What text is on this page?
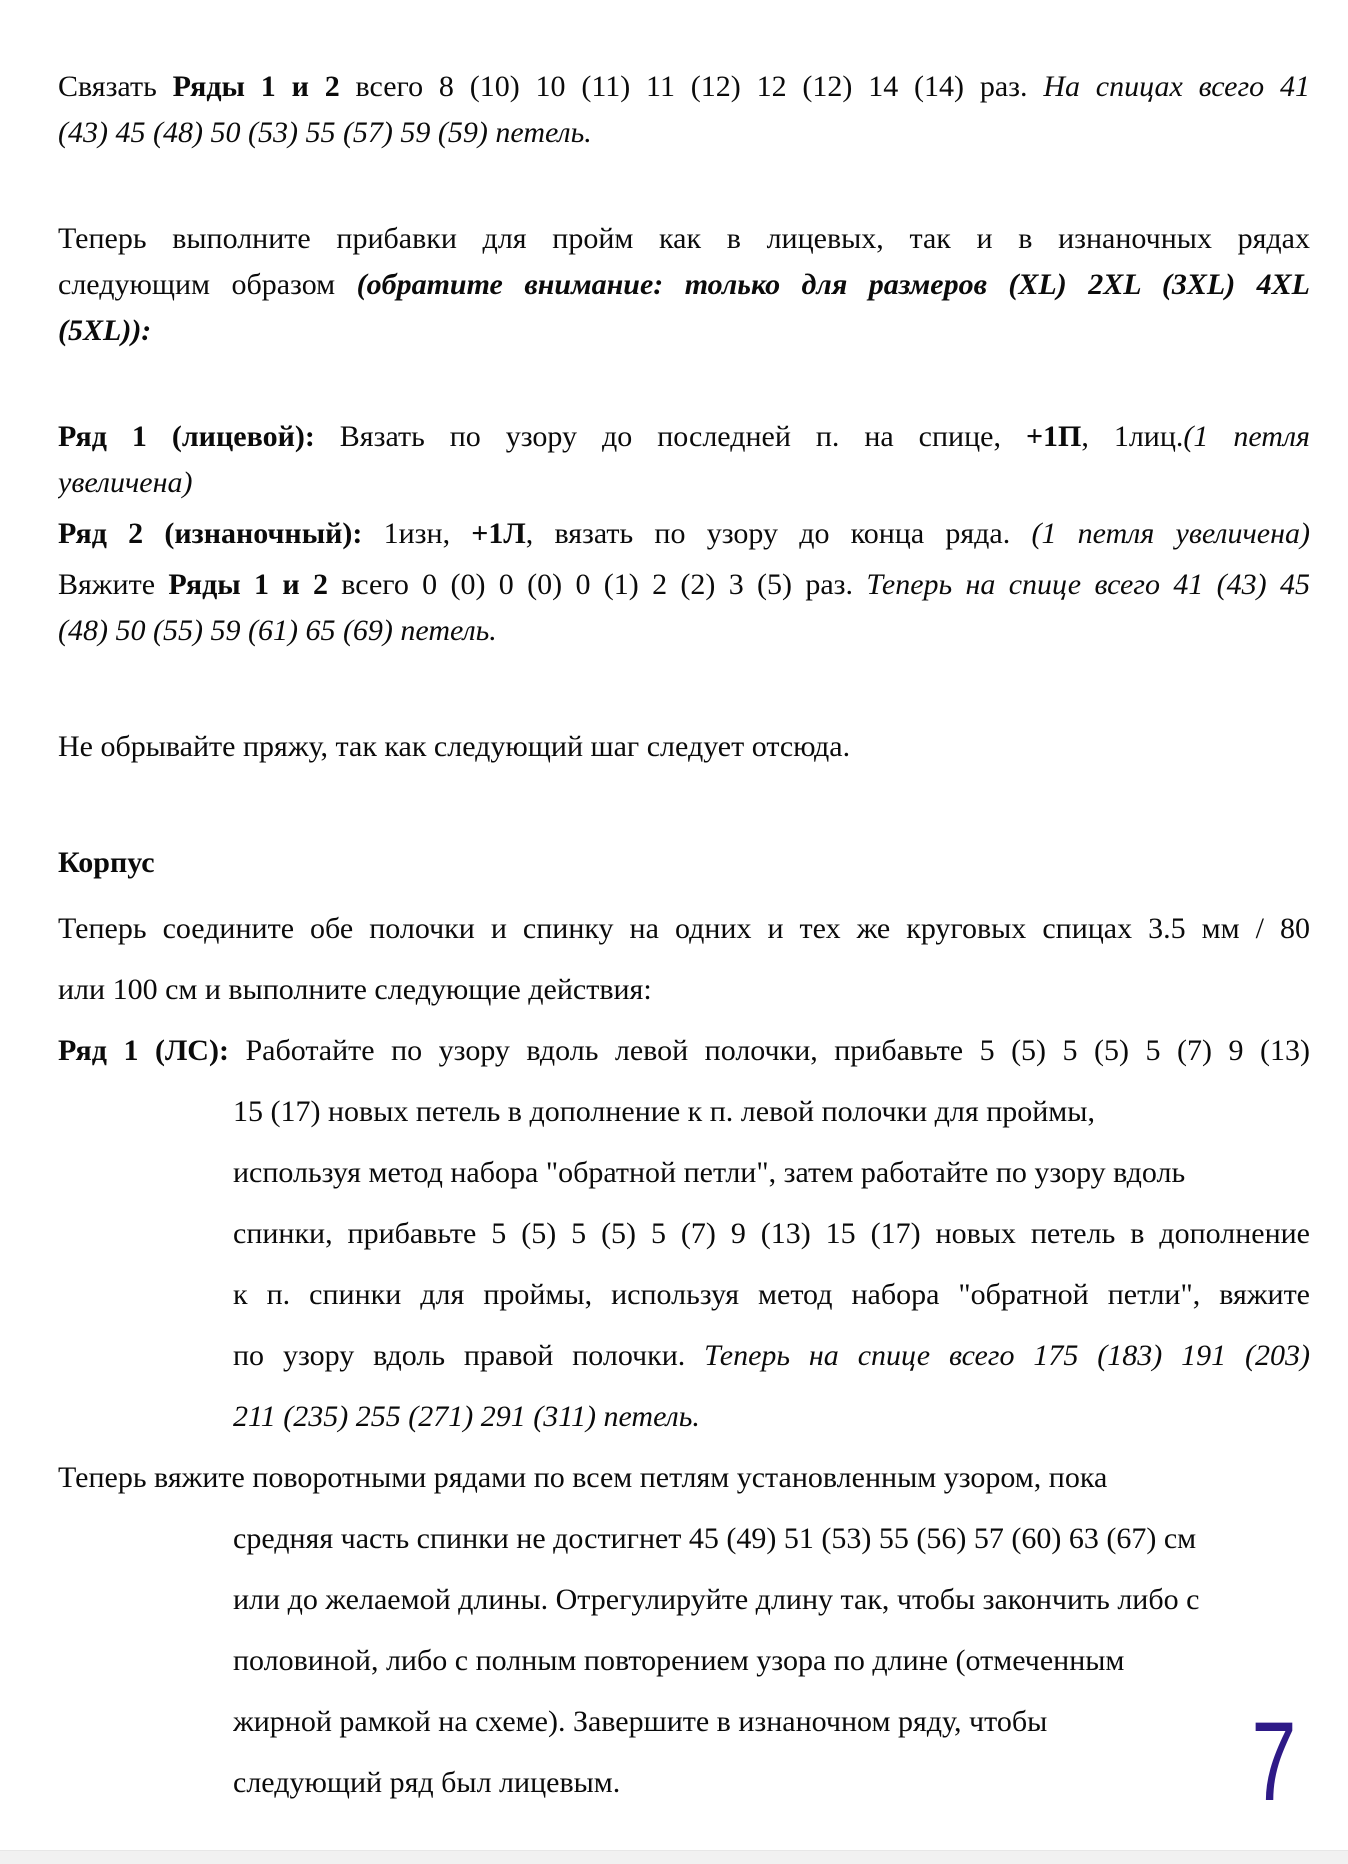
Связать Ряды 1 и 2 всего 8 (10) 10 (11) 11 (12) 12 (12) 14 (14) раз. На спицах всего 41
(43) 45 (48) 50 (53) 55 (57) 59 (59) петель.
Теперь выполните прибавки для пройм как в лицевых, так и в изнаночных рядах
следующим образом (обратите внимание: только для размеров (XL) 2XL (3XL) 4XL
(5XL)):
Ряд 1 (лицевой): Вязать по узору до последней п. на спице, +1П, 1лиц.(1 петля
увеличена)
Ряд 2 (изнаночный): 1изн, +1Л, вязать по узору до конца ряда. (1 петля увеличена)
Вяжите Ряды 1 и 2 всего 0 (0) 0 (0) 0 (1) 2 (2) 3 (5) раз. Теперь на спице всего 41 (43) 45
(48) 50 (55) 59 (61) 65 (69) петель.
Не обрывайте пряжу, так как следующий шаг следует отсюда.
Корпус
Теперь соедините обе полочки и спинку на одних и тех же круговых спицах 3.5 мм / 80
или 100 см и выполните следующие действия:
Ряд 1 (ЛС): Работайте по узору вдоль левой полочки, прибавьте 5 (5) 5 (5) 5 (7) 9 (13)
15 (17) новых петель в дополнение к п. левой полочки для проймы,
используя метод набора "обратной петли", затем работайте по узору вдоль
спинки, прибавьте 5 (5) 5 (5) 5 (7) 9 (13) 15 (17) новых петель в дополнение
к п. спинки для проймы, используя метод набора "обратной петли", вяжите
по узору вдоль правой полочки. Теперь на спице всего 175 (183) 191 (203)
211 (235) 255 (271) 291 (311) петель.
Теперь вяжите поворотными рядами по всем петлям установленным узором, пока
средняя часть спинки не достигнет 45 (49) 51 (53) 55 (56) 57 (60) 63 (67) см
или до желаемой длины. Отрегулируйте длину так, чтобы закончить либо с
половиной, либо с полным повторением узора по длине (отмеченным
жирной рамкой на схеме). Завершите в изнаночном ряду, чтобы
следующий ряд был лицевым.	7
